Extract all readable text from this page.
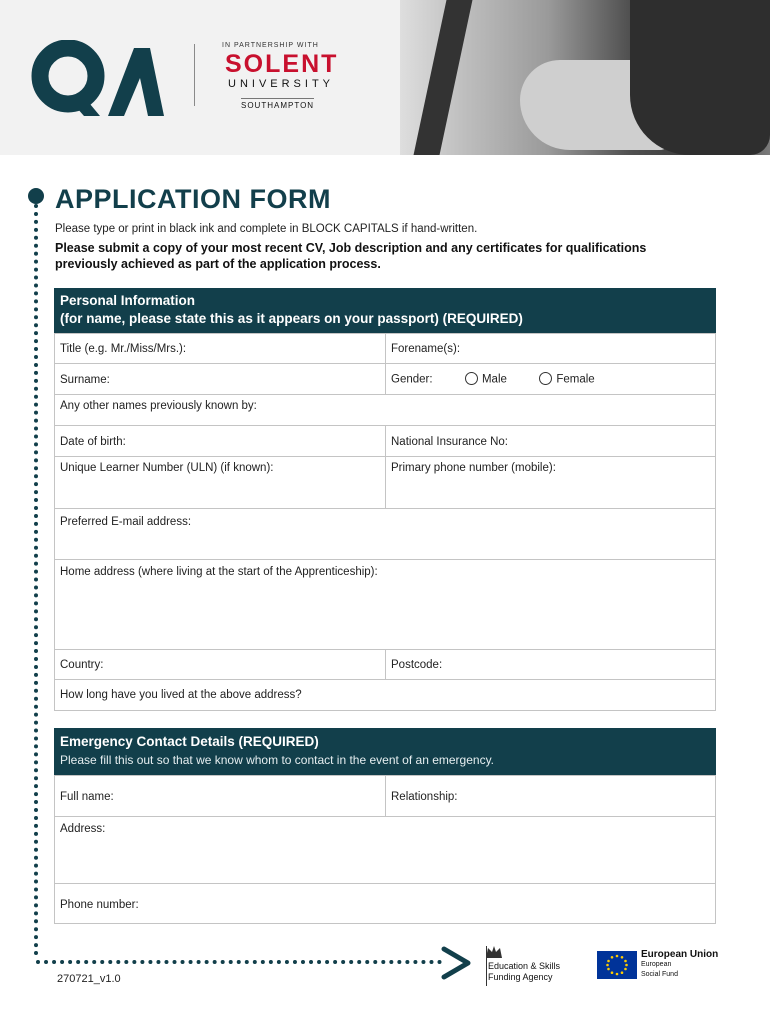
IN PARTNERSHIP WITH
SOLENT
UNIVERSITY
SOUTHAMPTON
APPLICATION FORM
Please type or print in black ink and complete in BLOCK CAPITALS if hand-written.
Please submit a copy of your most recent CV, Job description and any certificates for qualifications previously achieved as part of the application process.
Personal Information
(for name, please state this as it appears on your passport) (REQUIRED)
Title (e.g. Mr./Miss/Mrs.):	Forename(s):
Surname:	Gender:	Male	Female
Any other names previously known by:
Date of birth:	National Insurance No:
Unique Learner Number (ULN) (if known):	Primary phone number (mobile):
Preferred E-mail address:
Home address (where living at the start of the Apprenticeship):
Country:	Postcode:
How long have you lived at the above address?
Emergency Contact Details (REQUIRED)
Please fill this out so that we know whom to contact in the event of an emergency.
Full name:	Relationship:
Address:
Phone number:
270721_v1.0
Education & Skills
Funding Agency
European Union
European
Social Fund
